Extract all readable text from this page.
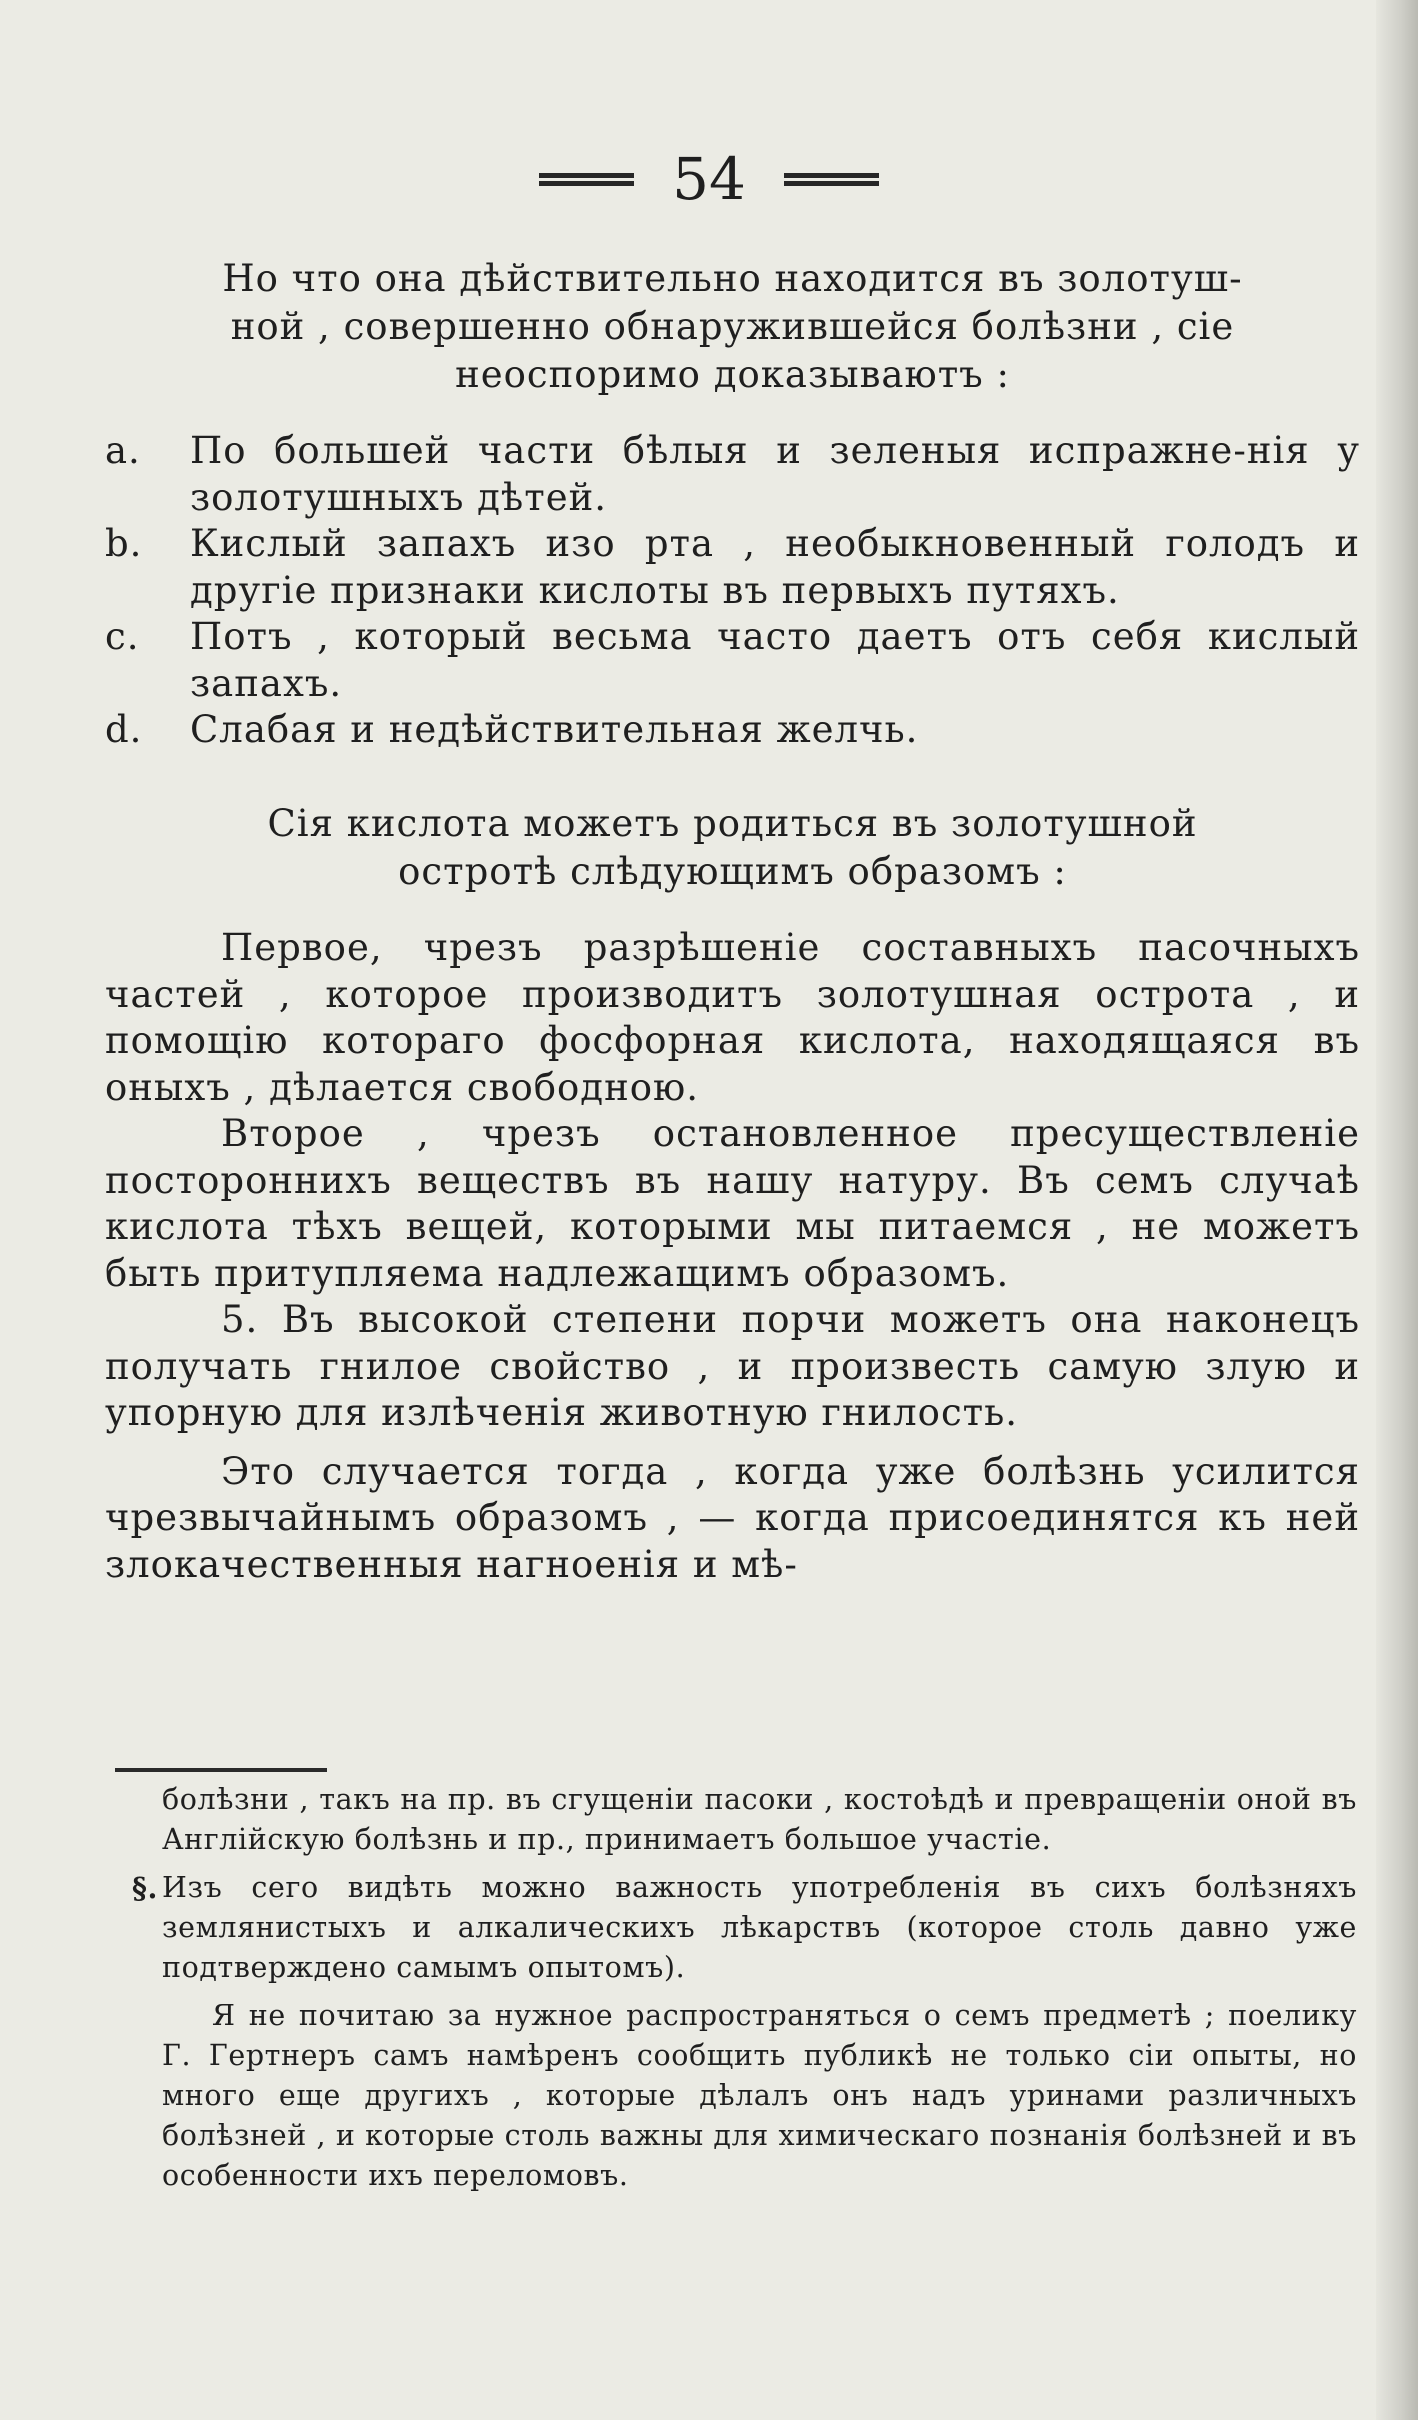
54
Но что она дѣйствительно находится въ золотуш-
ной , совершенно обнаружившейся болѣзни , сіе
неоспоримо доказываютъ :
a.	По большей части бѣлыя и зеленыя испражне-нія у золотушныхъ дѣтей.
b.	Кислый запахъ изо рта , необыкновенный голодъ и другіе признаки кислоты въ первыхъ путяхъ.
c.	Потъ , который весьма часто даетъ отъ себя кислый запахъ.
d.	Слабая и недѣйствительная желчь.
Сія кислота можетъ родиться въ золотушной
остротѣ слѣдующимъ образомъ :

Первое, чрезъ разрѣшеніе составныхъ пасочныхъ частей , которое производитъ золотушная острота , и помощію котораго фосфорная кислота, находящаяся въ оныхъ , дѣлается свободною.

Второе , чрезъ остановленное пресуществленіе постороннихъ веществъ въ нашу натуру. Въ семъ случаѣ кислота тѣхъ вещей, которыми мы питаемся , не можетъ быть притупляема надлежащимъ образомъ.

5. Въ высокой степени порчи можетъ она наконецъ получать гнилое свойство , и произвесть самую злую и упорную для излѣченія животную гнилость.

Это случается тогда , когда уже болѣзнь усилится чрезвычайнымъ образомъ , — когда присоединятся къ ней злокачественныя нагноенія и мѣ-

болѣзни , такъ на пр. въ сгущеніи пасоки , костоѣдѣ и превращеніи оной въ Англійскую болѣзнь и пр., принимаетъ большое участіе.

§. Изъ сего видѣть можно важность употребленія въ сихъ болѣзняхъ землянистыхъ и алкалическихъ лѣкарствъ (которое столь давно уже подтверждено самымъ опытомъ).

Я не почитаю за нужное распространяться о семъ предметѣ ; поелику Г. Гертнеръ самъ намѣренъ сообщить публикѣ не только сіи опыты, но много еще другихъ , которые дѣлалъ онъ надъ уринами различныхъ болѣзней , и которые столь важны для химическаго познанія болѣзней и въ особенности ихъ переломовъ.
